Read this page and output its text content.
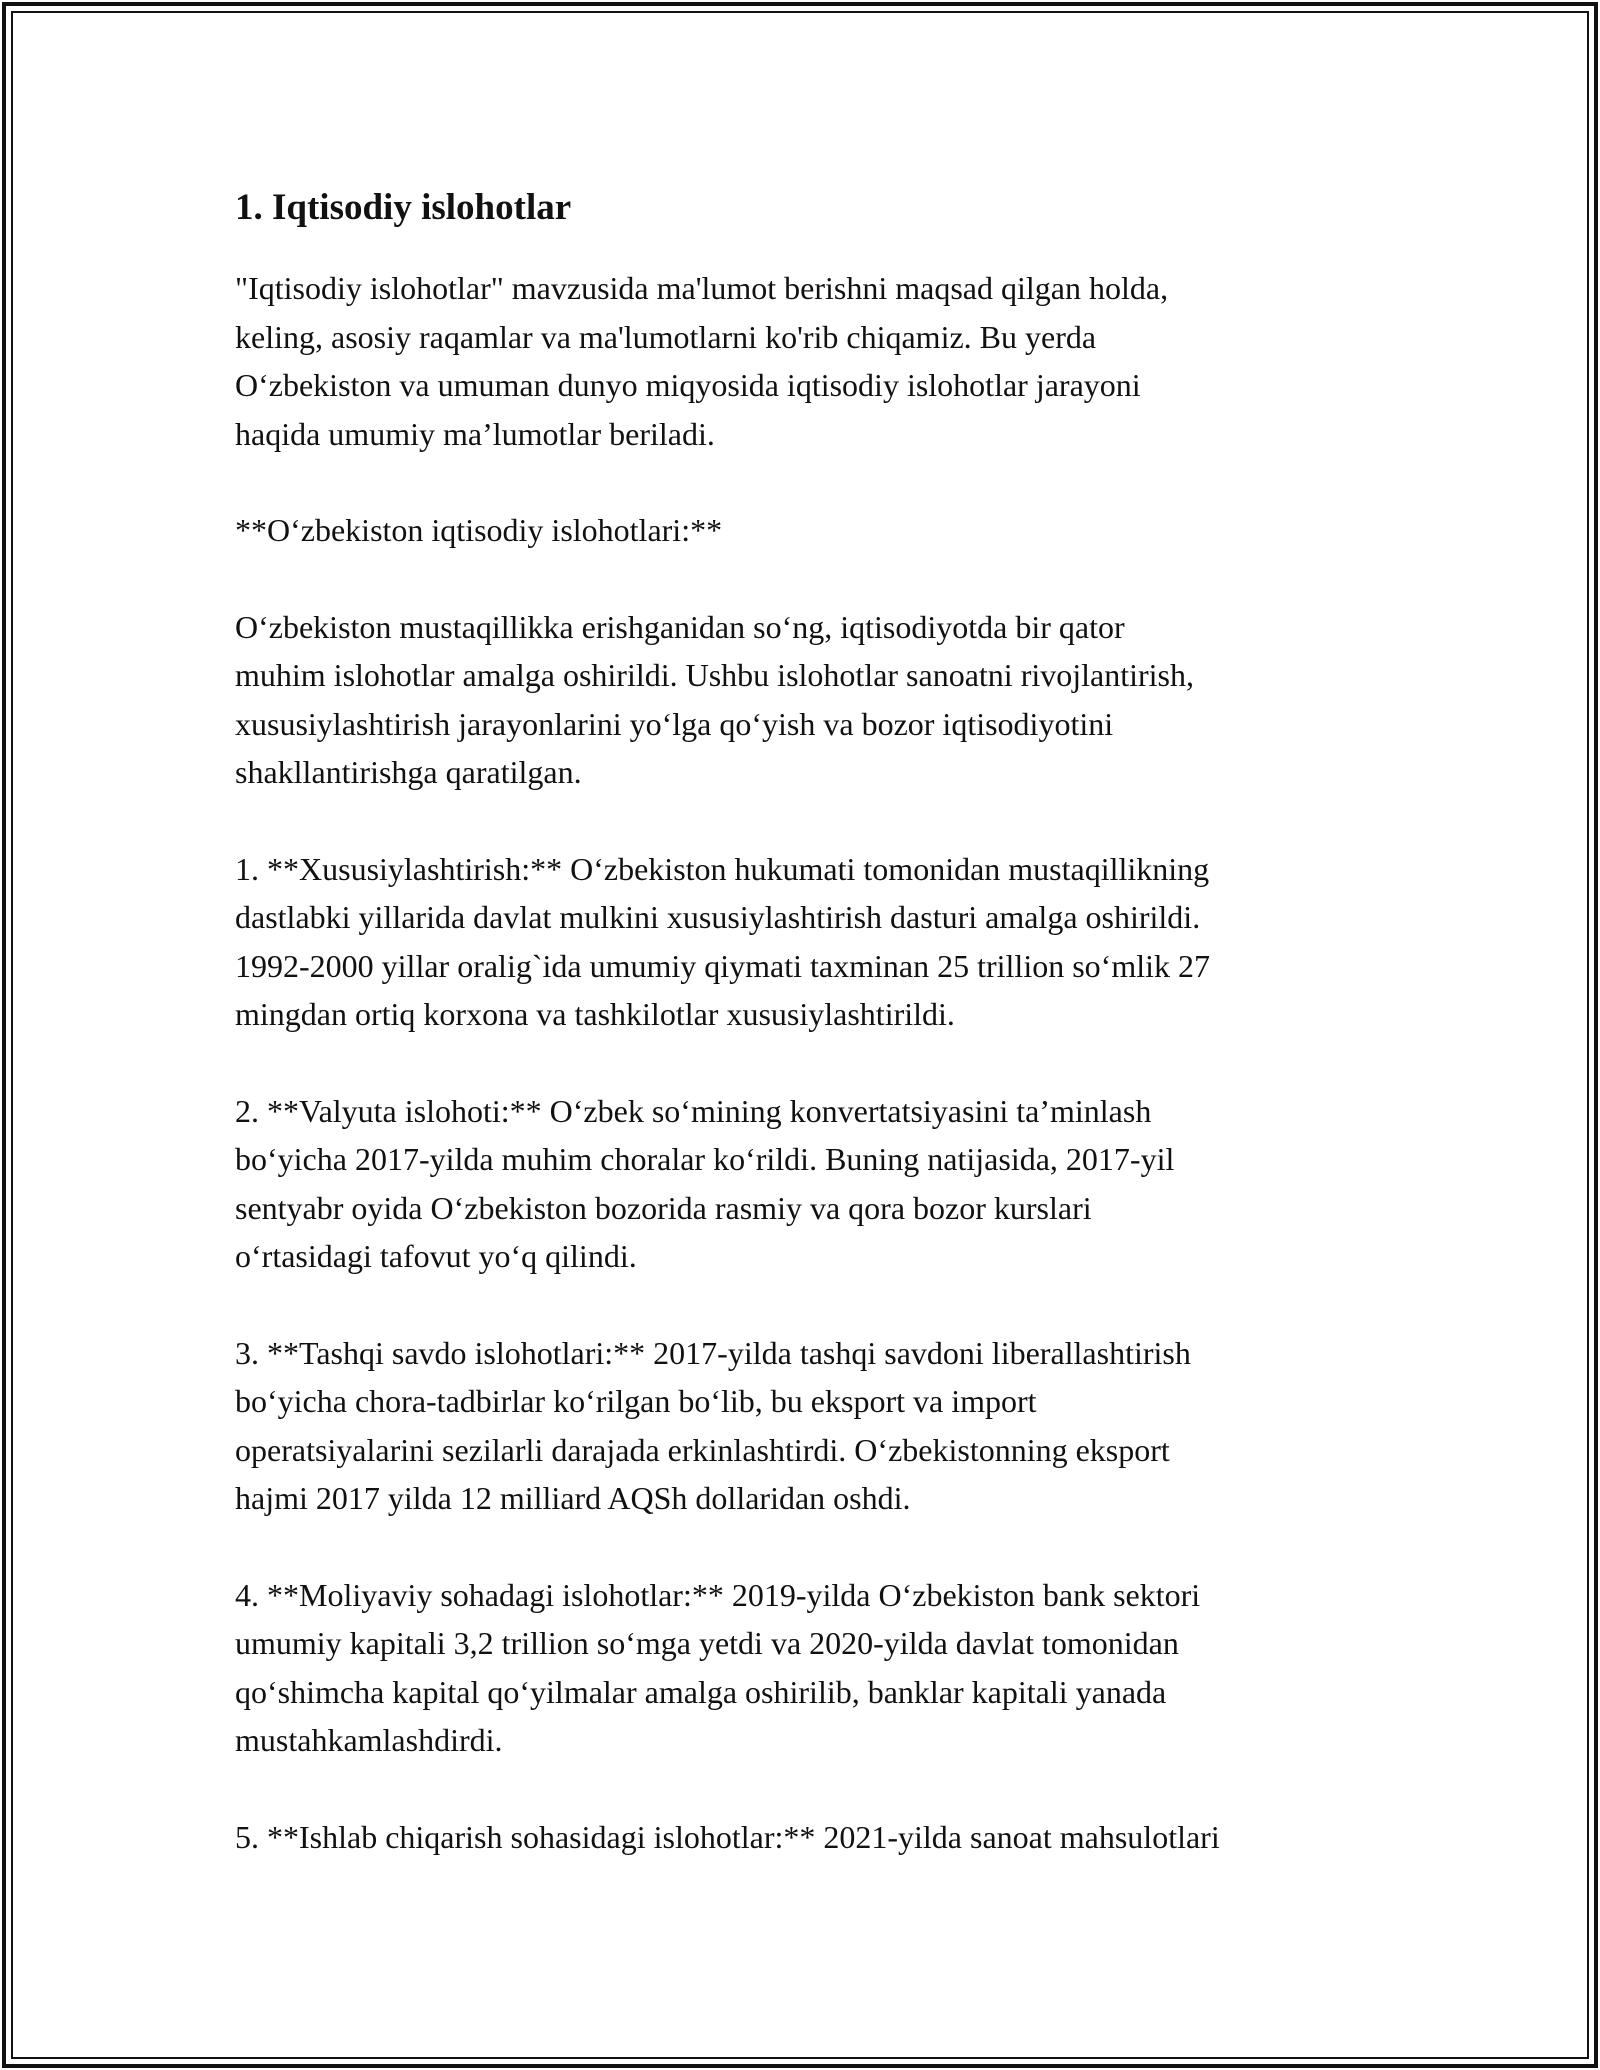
1. Iqtisodiy islohotlar

"Iqtisodiy islohotlar" mavzusida ma'lumot berishni maqsad qilgan holda,
keling, asosiy raqamlar va ma'lumotlarni ko'rib chiqamiz. Bu yerda
O‘zbekiston va umuman dunyo miqyosida iqtisodiy islohotlar jarayoni
haqida umumiy ma’lumotlar beriladi.

**O‘zbekiston iqtisodiy islohotlari:**

O‘zbekiston mustaqillikka erishganidan so‘ng, iqtisodiyotda bir qator
muhim islohotlar amalga oshirildi. Ushbu islohotlar sanoatni rivojlantirish,
xususiylashtirish jarayonlarini yo‘lga qo‘yish va bozor iqtisodiyotini
shakllantirishga qaratilgan.

1. **Xususiylashtirish:** O‘zbekiston hukumati tomonidan mustaqillikning
dastlabki yillarida davlat mulkini xususiylashtirish dasturi amalga oshirildi.
1992-2000 yillar oralig`ida umumiy qiymati taxminan 25 trillion so‘mlik 27
mingdan ortiq korxona va tashkilotlar xususiylashtirildi.

2. **Valyuta islohoti:** O‘zbek so‘mining konvertatsiyasini ta’minlash
bo‘yicha 2017-yilda muhim choralar ko‘rildi. Buning natijasida, 2017-yil
sentyabr oyida O‘zbekiston bozorida rasmiy va qora bozor kurslari
o‘rtasidagi tafovut yo‘q qilindi.

3. **Tashqi savdo islohotlari:** 2017-yilda tashqi savdoni liberallashtirish
bo‘yicha chora-tadbirlar ko‘rilgan bo‘lib, bu eksport va import
operatsiyalarini sezilarli darajada erkinlashtirdi. O‘zbekistonning eksport
hajmi 2017 yilda 12 milliard AQSh dollaridan oshdi.

4. **Moliyaviy sohadagi islohotlar:** 2019-yilda O‘zbekiston bank sektori
umumiy kapitali 3,2 trillion so‘mga yetdi va 2020-yilda davlat tomonidan
qo‘shimcha kapital qo‘yilmalar amalga oshirilib, banklar kapitali yanada
mustahkamlashdirdi.

5. **Ishlab chiqarish sohasidagi islohotlar:** 2021-yilda sanoat mahsulotlari
